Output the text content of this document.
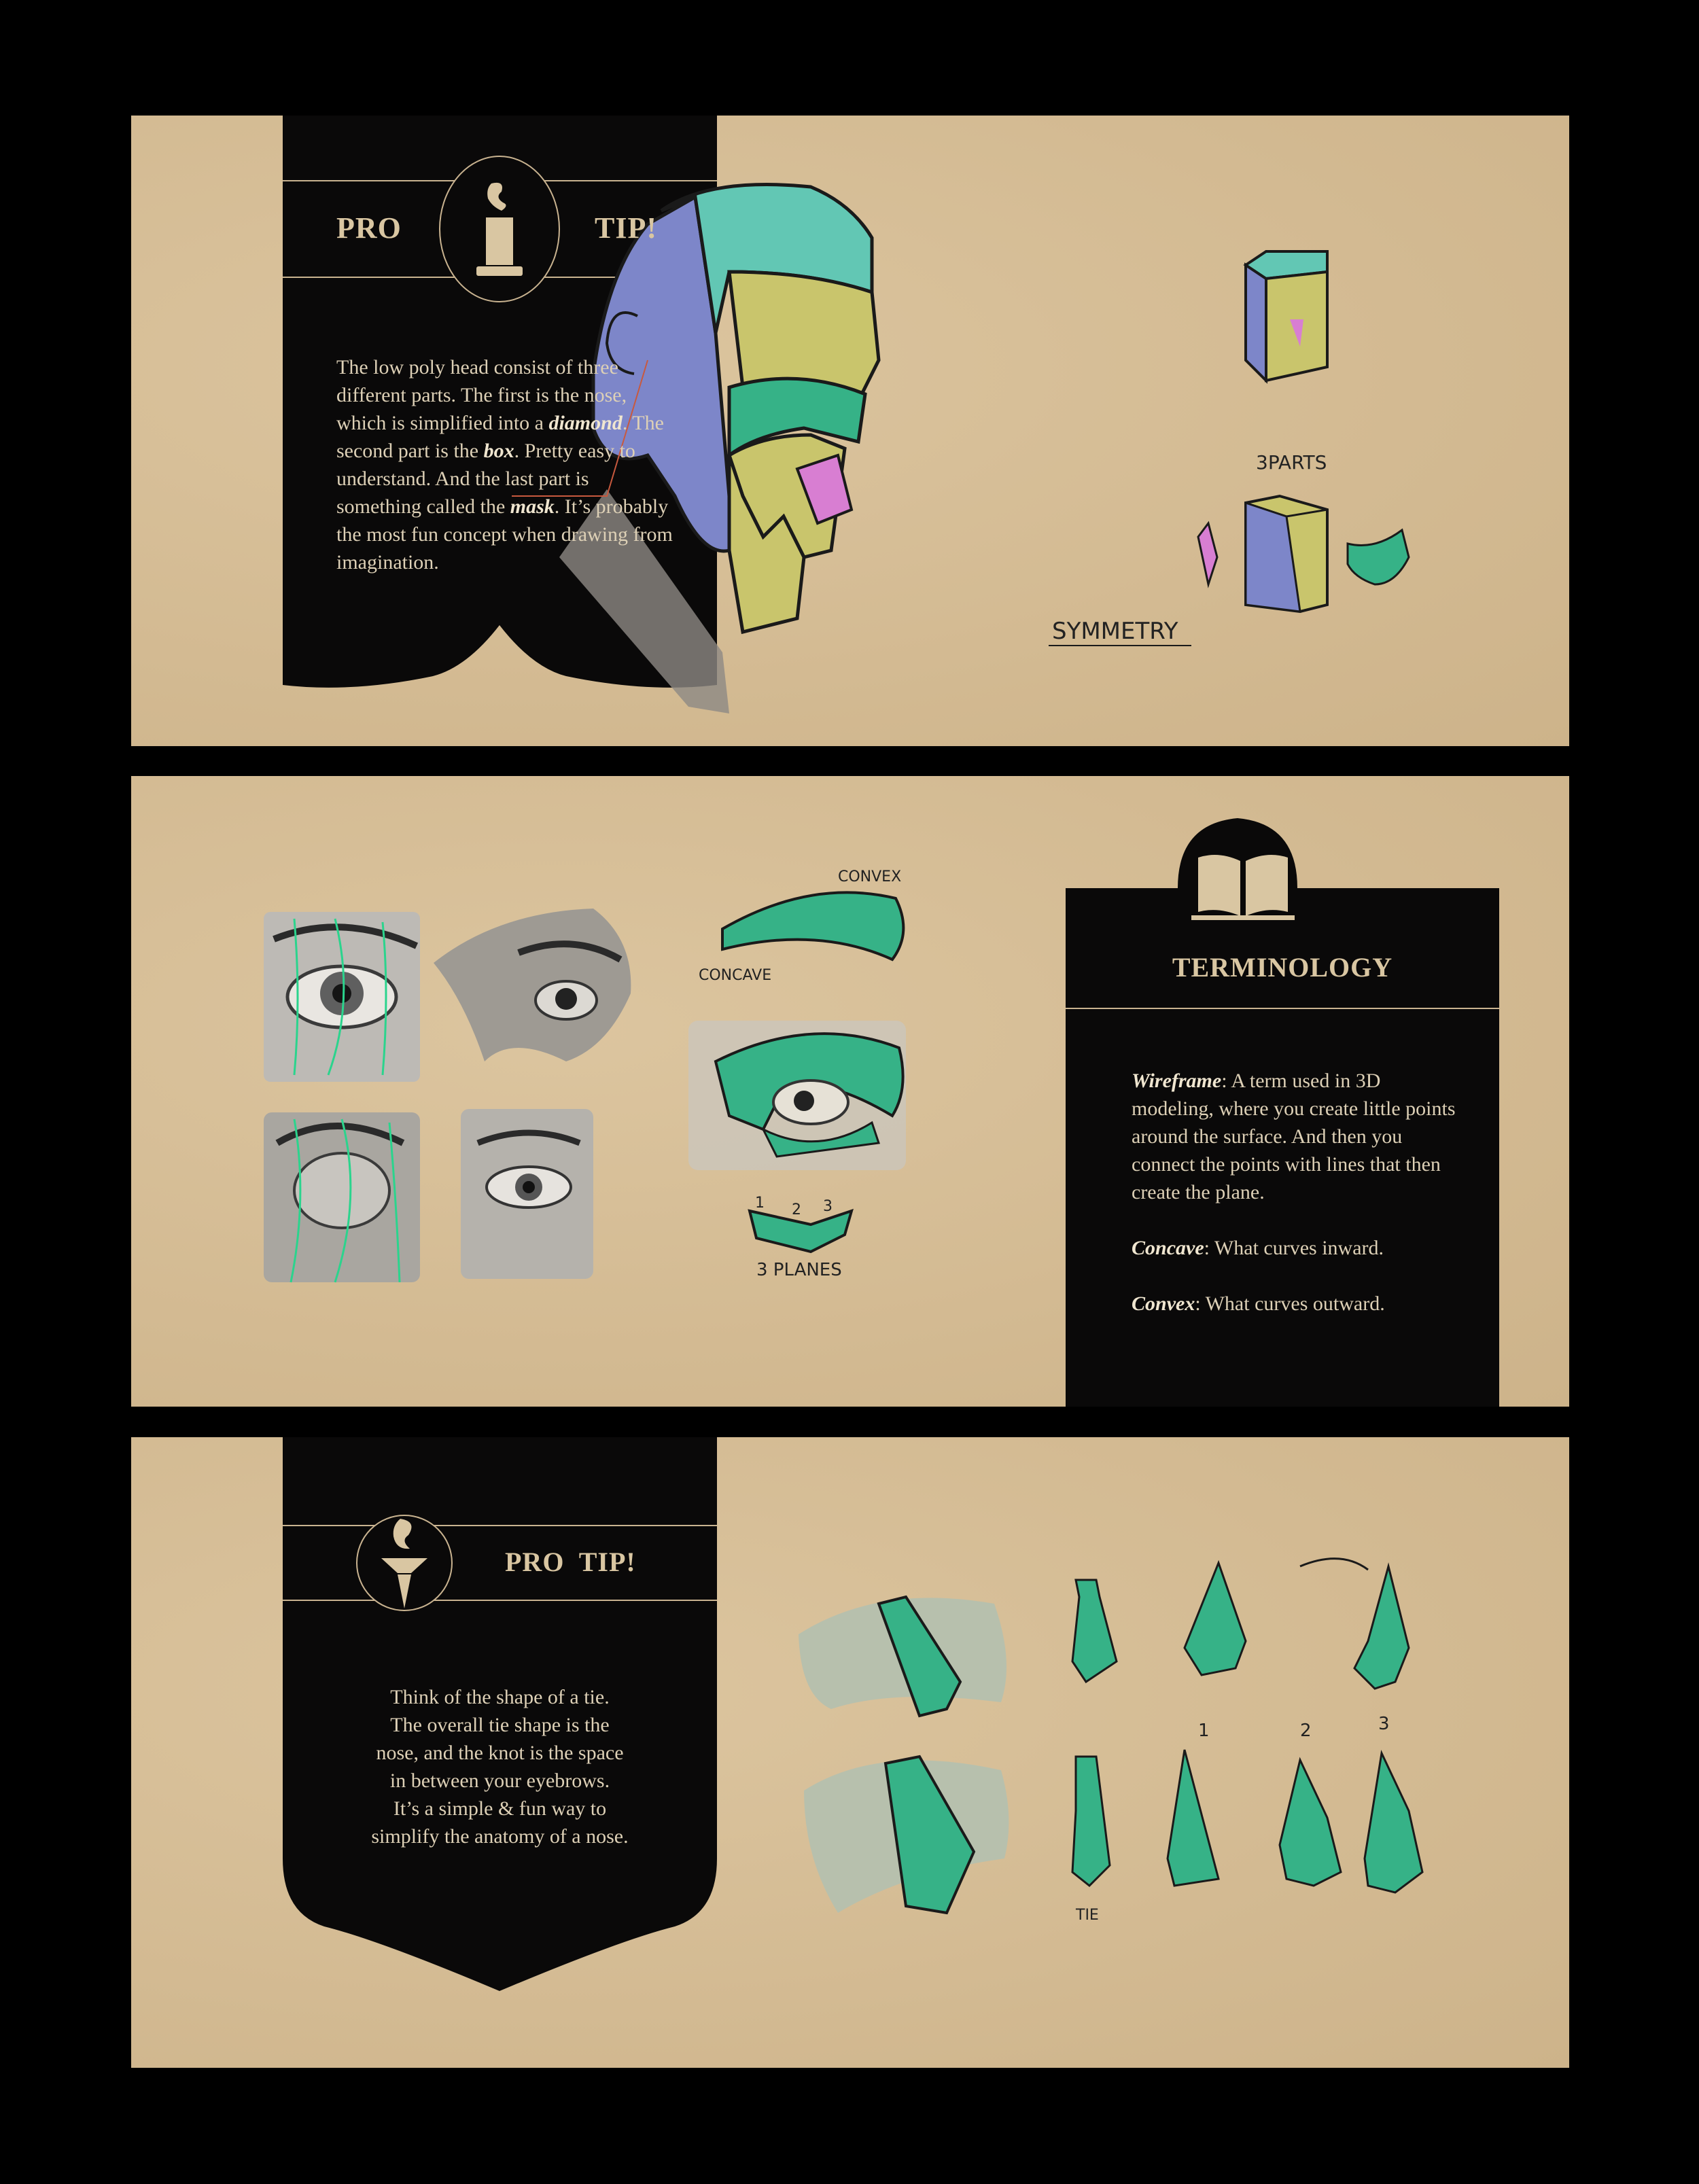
3PARTS
SYMMETRY
PRO	TIP!
The low poly head consist of three different parts. The first is the nose, which is simplified into a diamond. The second part is the box. Pretty easy to understand. And the last part is something called the mask. It’s probably the most fun concept when drawing from imagination.
CONVEX
CONCAVE
1 2 3
3 PLANES
TERMINOLOGY
Wireframe: A term used in 3D modeling, where you create little points around the surface. And then you connect the points with lines that then create the plane.
Concave: What curves inward.
Convex: What curves outward.
TIE
1	2	3
PRO  TIP!
Think of the shape of a tie.
The overall tie shape is the
nose, and the knot is the space
in between your eyebrows.
It’s a simple & fun way to
simplify the anatomy of a nose.
